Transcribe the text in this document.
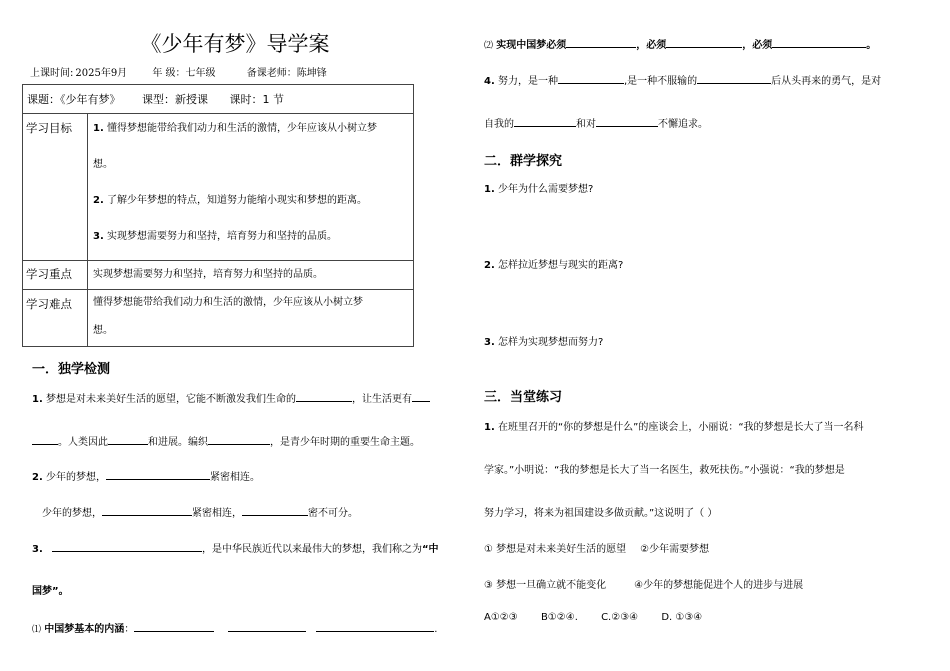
《少年有梦》导学案
上课时间: 2025年9月	年 级：七年级	备课老师：陈坤锋
课题：《少年有梦》 课型：新授课 课时：1 节	
学习目标	1. 懂得梦想能带给我们动力和生活的激情，少年应该从小树立梦
想。
2. 了解少年梦想的特点，知道努力能缩小现实和梦想的距离。
3. 实现梦想需要努力和坚持，培育努力和坚持的品质。

学习重点	实现梦想需要努力和坚持，培育努力和坚持的品质。
学习难点	懂得梦想能带给我们动力和生活的激情，少年应该从小树立梦
想。
一．独学检测
1. 梦想是对未来美好生活的愿望，它能不断激发我们生命的	，让生活更有
。人类因此	和进展。编织	，是青少年时期的重要生命主题。
2. 少年的梦想，	紧密相连。
少年的梦想，	紧密相连，	密不可分。
3.	，是中华民族近代以来最伟大的梦想，我们称之为“中
国梦”。
⑴ 中国梦基本的内涵：	.
⑵ 实现中国梦必须	，必须	，必须	。
4. 努力，是一种	,是一种不服输的	后从头再来的勇气，是对
自我的	和对	不懈追求。
二．群学探究
1. 少年为什么需要梦想?
2. 怎样拉近梦想与现实的距离?
3. 怎样为实现梦想而努力?
三．当堂练习
1. 在班里召开的“你的梦想是什么”的座谈会上，小丽说：“我的梦想是长大了当一名科
学家。”小明说：“我的梦想是长大了当一名医生，救死扶伤。”小强说：“我的梦想是
努力学习，将来为祖国建设多做贡献。”这说明了（ ）
① 梦想是对未来美好生活的愿望 ②少年需要梦想
③ 梦想一旦确立就不能变化	④少年的梦想能促进个人的进步与进展
A①②③ B①②④. C.②③④ D. ①③④
